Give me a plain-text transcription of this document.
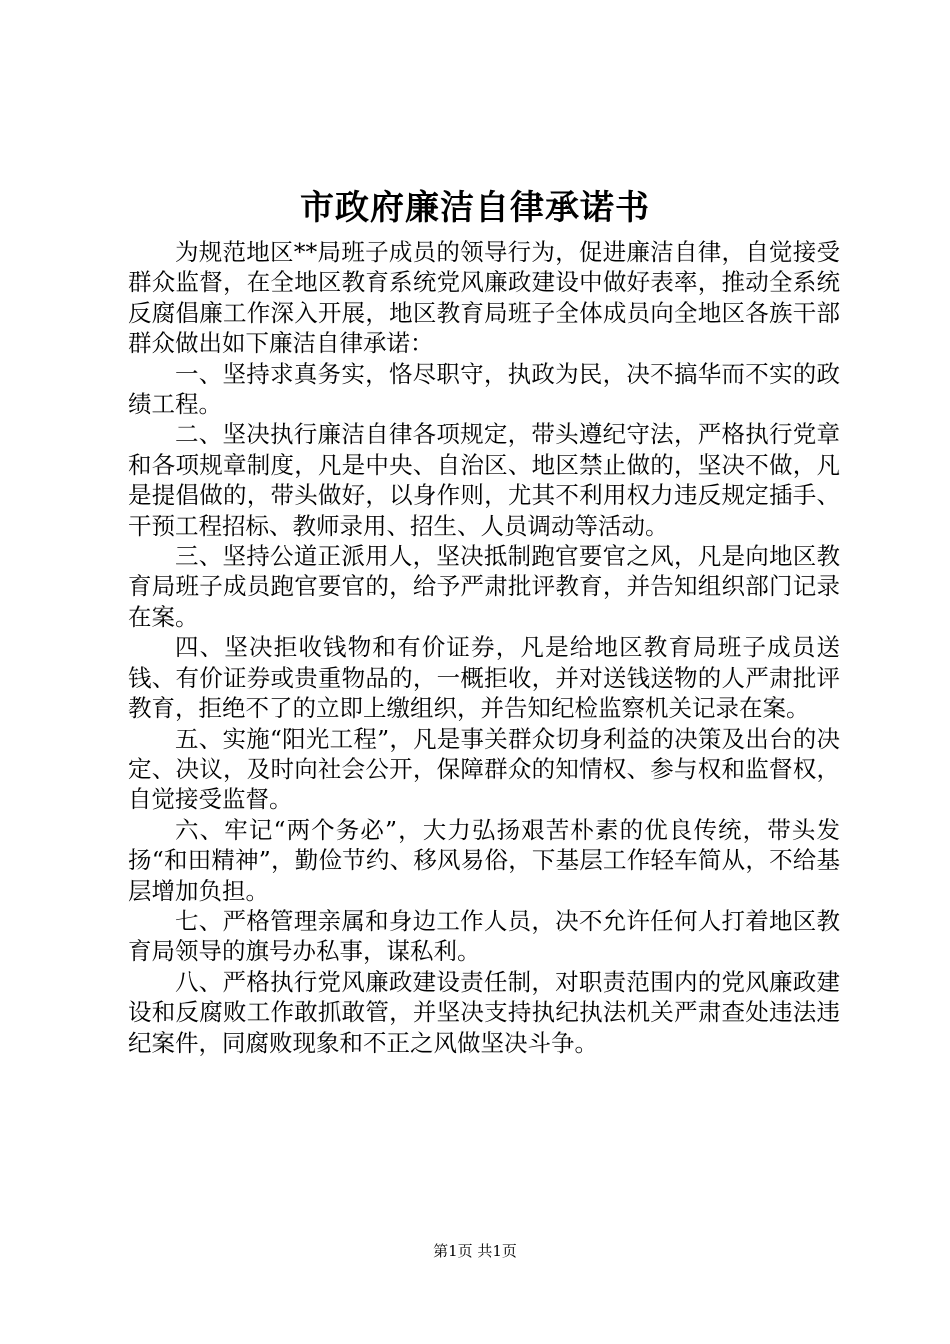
市政府廉洁自律承诺书

为规范地区**局班子成员的领导行为，促进廉洁自律，自觉接受群众监督，在全地区教育系统党风廉政建设中做好表率，推动全系统反腐倡廉工作深入开展，地区教育局班子全体成员向全地区各族干部群众做出如下廉洁自律承诺：

一、坚持求真务实，恪尽职守，执政为民，决不搞华而不实的政绩工程。

二、坚决执行廉洁自律各项规定，带头遵纪守法，严格执行党章和各项规章制度，凡是中央、自治区、地区禁止做的，坚决不做，凡是提倡做的，带头做好，以身作则，尤其不利用权力违反规定插手、干预工程招标、教师录用、招生、人员调动等活动。

三、坚持公道正派用人，坚决抵制跑官要官之风，凡是向地区教育局班子成员跑官要官的，给予严肃批评教育，并告知组织部门记录在案。

四、坚决拒收钱物和有价证券，凡是给地区教育局班子成员送钱、有价证券或贵重物品的，一概拒收，并对送钱送物的人严肃批评教育，拒绝不了的立即上缴组织，并告知纪检监察机关记录在案。

五、实施“阳光工程”，凡是事关群众切身利益的决策及出台的决定、决议，及时向社会公开，保障群众的知情权、参与权和监督权，自觉接受监督。

六、牢记“两个务必”，大力弘扬艰苦朴素的优良传统，带头发扬“和田精神”，勤俭节约、移风易俗，下基层工作轻车简从，不给基层增加负担。

七、严格管理亲属和身边工作人员，决不允许任何人打着地区教育局领导的旗号办私事，谋私利。

八、严格执行党风廉政建设责任制，对职责范围内的党风廉政建设和反腐败工作敢抓敢管，并坚决支持执纪执法机关严肃查处违法违纪案件，同腐败现象和不正之风做坚决斗争。

第1页 共1页
